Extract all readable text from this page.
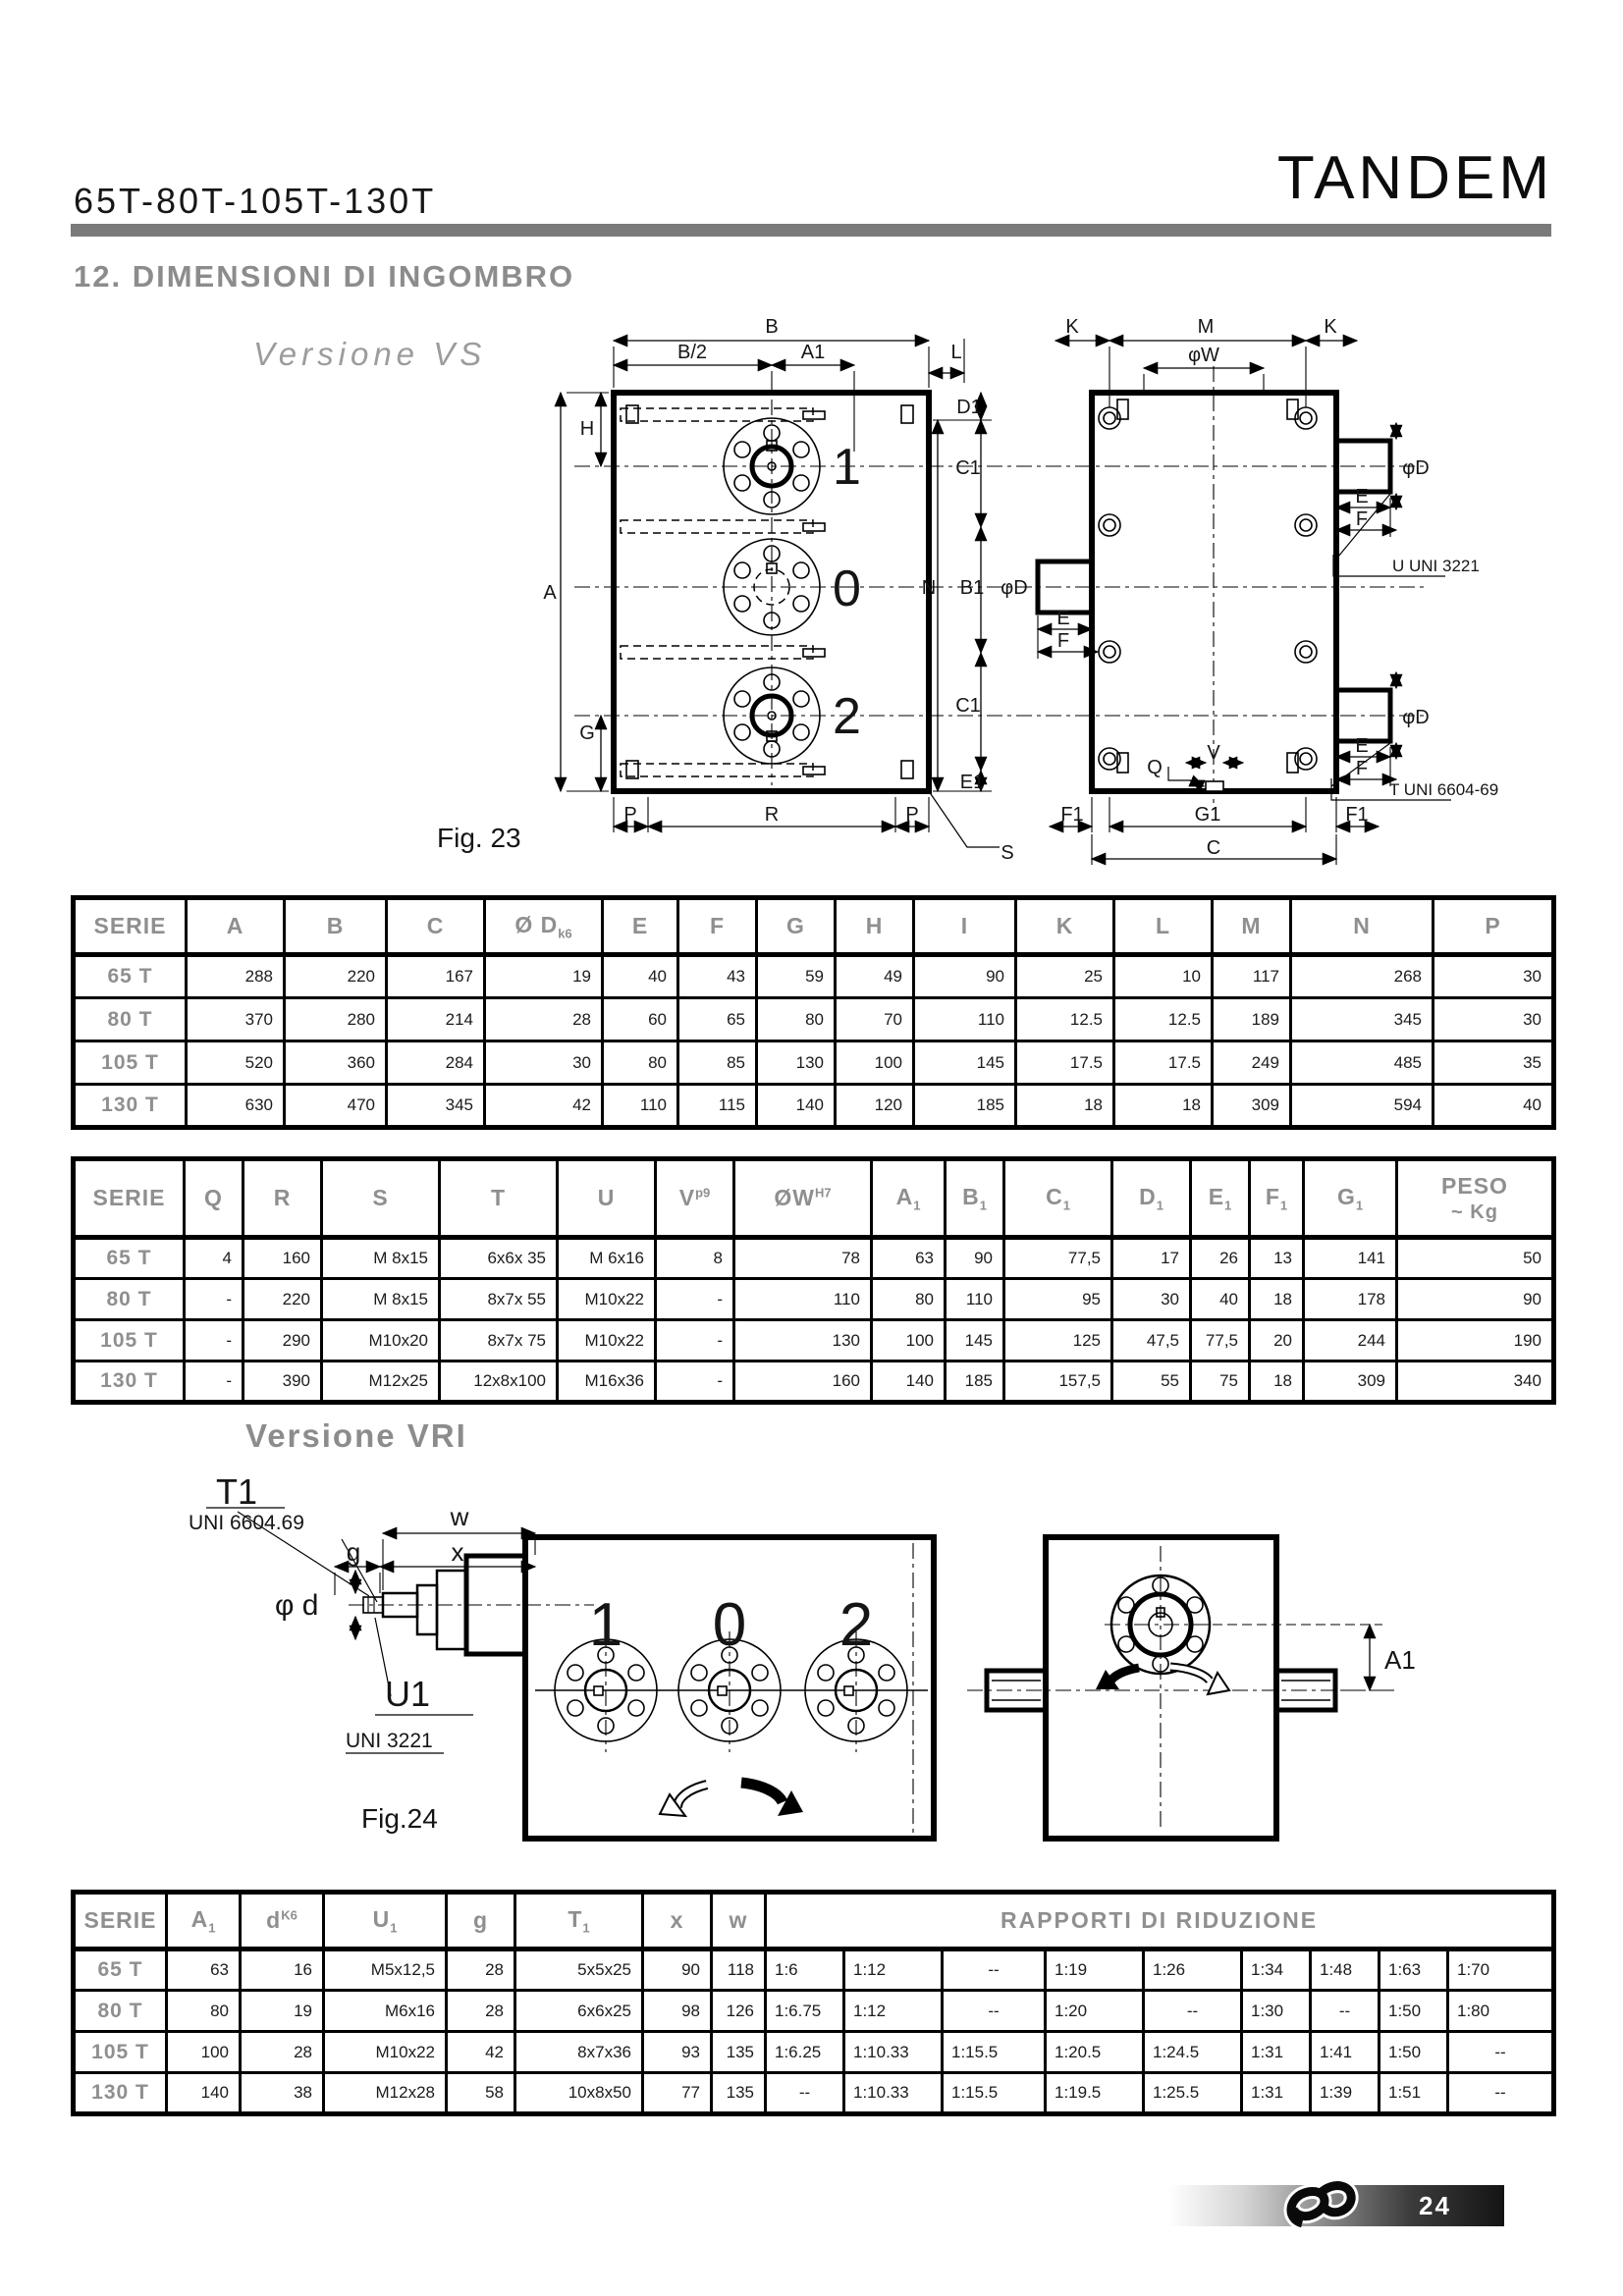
65T-80T-105T-130T	TANDEM
12. DIMENSIONI DI INGOMBRO
Versione VS
1
0
2
B
B/2	A1	L
H
A
G
P	R	P
S
D1
C1
B1
N
C1
E1
K	M	K
φW
φD
φD
φD
E
F
E
F
E
F
U UNI 3221
T UNI 6604-69
Q
V
F1	G1	F1
C
Fig. 23
SERIE	A	B	C	Ø $D_{k6}$	E	F	G	H	I	K	L	M	N	P
65 T	288	220	167	19	40	43	59	49	90	25	10	117	268	30
80 T	370	280	214	28	60	65	80	70	110	12.5	12.5	189	345	30
105 T	520	360	284	30	80	85	130	100	145	17.5	17.5	249	485	35
130 T	630	470	345	42	110	115	140	120	185	18	18	309	594	40
SERIE	Q	R	S	T	U	$V^{p9}$	$ØW^{H7}$	$A_1$	$B_1$	$C_1$	$D_1$	$E_1$	$F_1$	$G_1$	PESO
~ Kg

65 T	4	160	M 8x15	6x6x 35	M 6x16	8	78	63	90	77,5	17	26	13	141	50
80 T	-	220	M 8x15	8x7x 55	M10x22	-	110	80	110	95	30	40	18	178	90
105 T	-	290	M10x20	8x7x 75	M10x22	-	130	100	145	125	47,5	77,5	20	244	190
130 T	-	390	M12x25	12x8x100	M16x36	-	160	140	185	157,5	55	75	18	309	340
Versione VRI
1 0 2
T1
w
g	x
UNI 6604.69
φ d
U1
UNI 3221
A1
Fig.24
SERIE	$A_1$	$d^{K6}$	$U_1$	g	$T_1$	x	w	RAPPORTI DI RIDUZIONE								
65 T	63	16	M5x12,5	28	5x5x25	90	118	1:6	1:12	--	1:19	1:26	1:34	1:48	1:63	1:70
80 T	80	19	M6x16	28	6x6x25	98	126	1:6.75	1:12	--	1:20	--	1:30	--	1:50	1:80
105 T	100	28	M10x22	42	8x7x36	93	135	1:6.25	1:10.33	1:15.5	1:20.5	1:24.5	1:31	1:41	1:50	--
130 T	140	38	M12x28	58	10x8x50	77	135	--	1:10.33	1:15.5	1:19.5	1:25.5	1:31	1:39	1:51	--
24
